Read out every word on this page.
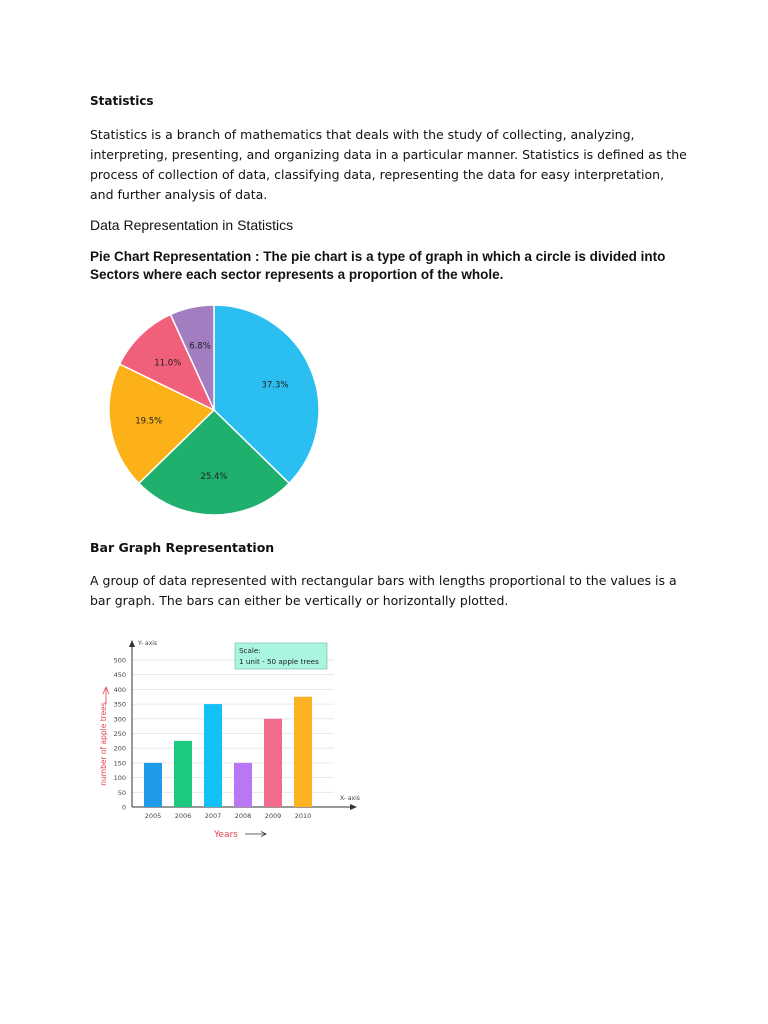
Statistics
Statistics is a branch of mathematics that deals with the study of collecting, analyzing, interpreting, presenting, and organizing data in a particular manner. Statistics is defined as the process of collection of data, classifying data, representing the data for easy interpretation, and further analysis of data.
Data Representation in Statistics
Pie Chart Representation : The pie chart is a type of graph in which a circle is divided into Sectors where each sector represents a proportion of the whole.
37.3%
25.4%
19.5%
11.0%
6.8%
Bar Graph Representation
A group of data represented with rectangular bars with lengths proportional to the values is a bar graph. The bars can either be vertically or horizontally plotted.
0
50
100
150
200
250
300
350
400
450
500
Y- axis
X- axis
Scale:
1 unit - 50 apple trees
2005 2006 2007 2008 2009 2010
number of apple trees
Years
